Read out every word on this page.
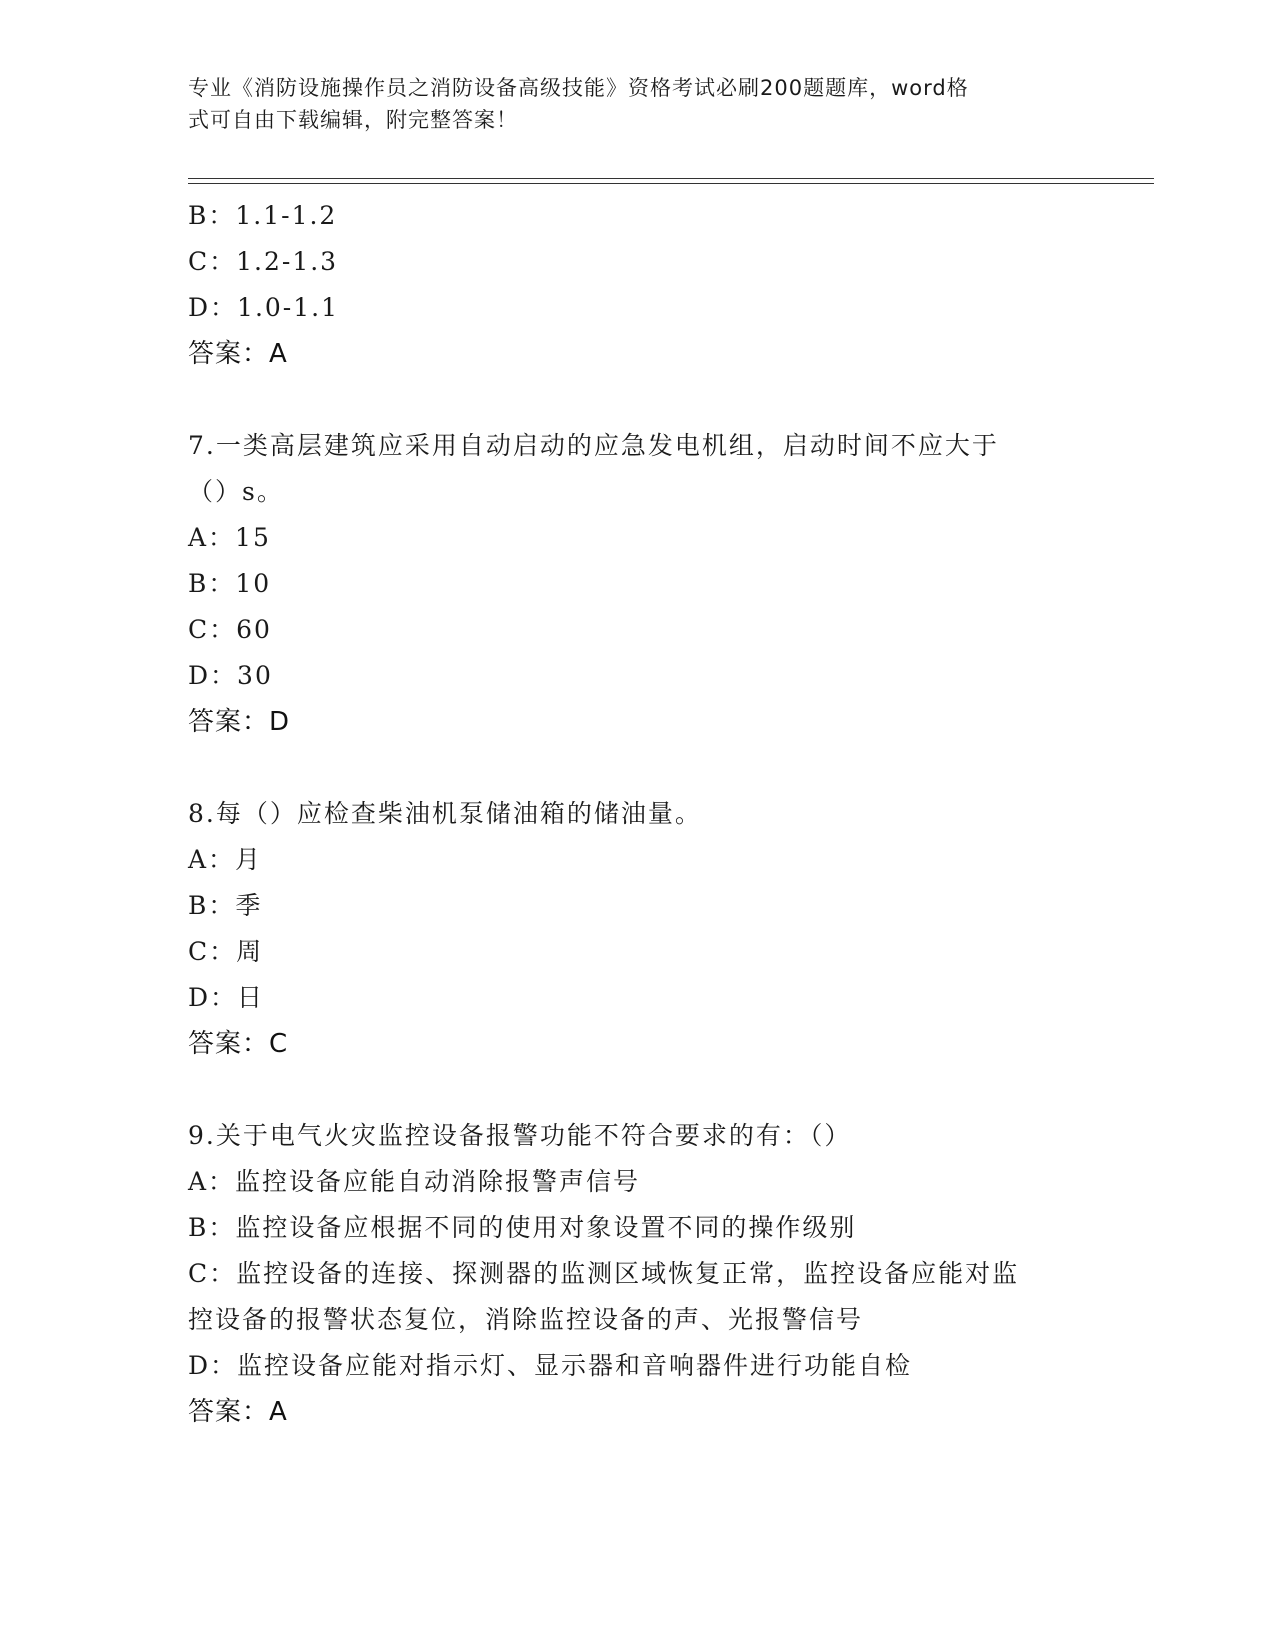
专业《消防设施操作员之消防设备高级技能》资格考试必刷200题题库，word格
式可自由下载编辑，附完整答案！
B：1.1-1.2
C：1.2-1.3
D：1.0-1.1
答案：A
7.一类高层建筑应采用自动启动的应急发电机组，启动时间不应大于
（）s。
A：15
B：10
C：60
D：30
答案：D
8.每（）应检查柴油机泵储油箱的储油量。
A：月
B：季
C：周
D：日
答案：C
9.关于电气火灾监控设备报警功能不符合要求的有：（）
A：监控设备应能自动消除报警声信号
B：监控设备应根据不同的使用对象设置不同的操作级别
C：监控设备的连接、探测器的监测区域恢复正常，监控设备应能对监
控设备的报警状态复位，消除监控设备的声、光报警信号
D：监控设备应能对指示灯、显示器和音响器件进行功能自检
答案：A
